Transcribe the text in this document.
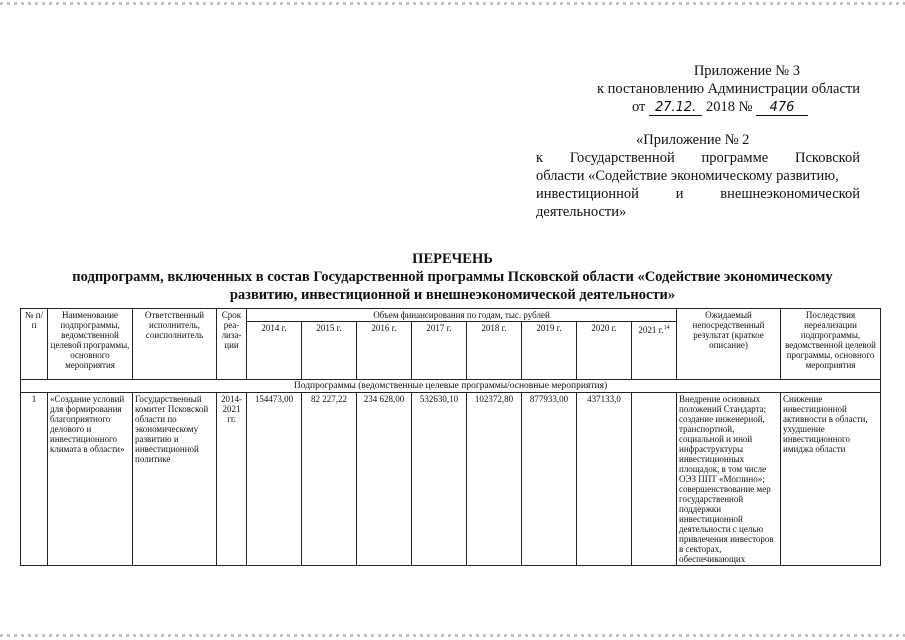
Приложение № 3
к постановлению Администрации области
от 27.12. 2018 № 476
«Приложение № 2
к Государственной программе Псковской
области «Содействие экономическому развитию,
инвестиционной	и	внешнеэкономической
деятельности»
ПЕРЕЧЕНЬ
подпрограмм, включенных в состав Государственной программы Псковской области «Содействие экономическому
развитию, инвестиционной и внешнеэкономической деятельности»
№ п/п	Наименование подпрограммы, ведомственной целевой программы, основного мероприятия	Ответственный исполнитель, соисполнитель	Срок реа-лиза-ции	Объем финансирования по годам, тыс. рублей								Ожидаемый непосредственный результат (краткое описание)	Последствия нереализации подпрограммы, ведомственной целевой программы, основного мероприятия
				2014 г.	2015 г.	2016 г.	2017 г.	2018 г.	2019 г.	2020 г.	2021 г.$^{14}$
Подпрограммы (ведомственные целевые программы/основные мероприятия)													
1	«Создание условий для формирования благоприятного делового и инвестиционного климата в области»	Государственный комитет Псковской области по экономическому развитию и инвестиционной политике	2014-2021 гг.	154473,00	82 227,22	234 628,00	532630,10	102372,80	877933,00	437133,0		Внедрение основных положений Стандарта; создание инженерной, транспортной, социальной и иной инфраструктуры инвестиционных площадок, в том числе ОЭЗ ППТ «Моглино»; совершенствование мер государственной поддержки инвестиционной деятельности с целью привлечения инвесторов в секторах, обеспечивающих	Снижение инвестиционной активности в области, ухудшение инвестиционного имиджа области
